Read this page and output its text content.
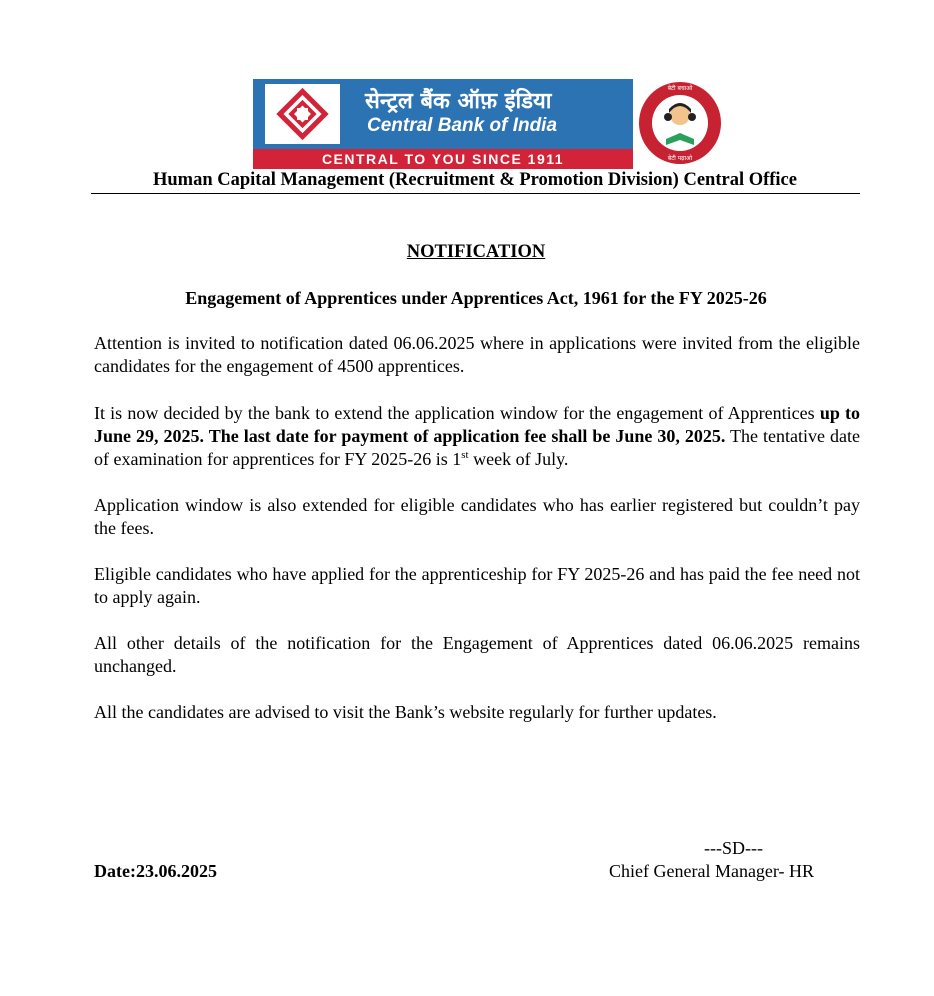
सेन्ट्रल बैंक ऑफ़ इंडिया
Central Bank of India
CENTRAL TO YOU SINCE 1911
बेटी बचाओ
बेटी पढ़ाओ
Human Capital Management (Recruitment & Promotion Division) Central Office
NOTIFICATION
Engagement of Apprentices under Apprentices Act, 1961 for the FY 2025-26
Attention is invited to notification dated 06.06.2025 where in applications were invited from the eligible candidates for the engagement of 4500 apprentices.
It is now decided by the bank to extend the application window for the engagement of Apprentices up to June 29, 2025. The last date for payment of application fee shall be June 30, 2025. The tentative date of examination for apprentices for FY 2025-26 is 1st week of July.
Application window is also extended for eligible candidates who has earlier registered but couldn’t pay the fees.
Eligible candidates who have applied for the apprenticeship for FY 2025-26 and has paid the fee need not to apply again.
All other details of the notification for the Engagement of Apprentices dated 06.06.2025 remains unchanged.
All the candidates are advised to visit the Bank’s website regularly for further updates.
---SD---
Chief General Manager- HR
Date:23.06.2025
